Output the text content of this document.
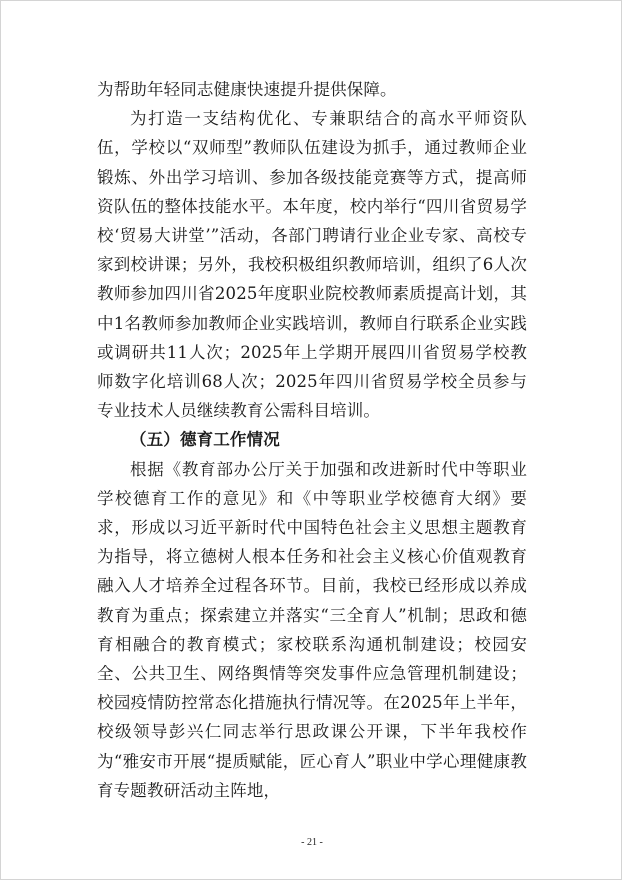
为帮助年轻同志健康快速提升提供保障。

为打造一支结构优化、专兼职结合的高水平师资队伍，学校以“双师型”教师队伍建设为抓手，通过教师企业锻炼、外出学习培训、参加各级技能竞赛等方式，提高师资队伍的整体技能水平。本年度，校内举行“四川省贸易学校‘贸易大讲堂’”活动，各部门聘请行业企业专家、高校专家到校讲课；另外，我校积极组织教师培训，组织了6人次教师参加四川省2025年度职业院校教师素质提高计划，其中1名教师参加教师企业实践培训，教师自行联系企业实践或调研共11人次；2025年上学期开展四川省贸易学校教师数字化培训68人次；2025年四川省贸易学校全员参与专业技术人员继续教育公需科目培训。

（五）德育工作情况

根据《教育部办公厅关于加强和改进新时代中等职业学校德育工作的意见》和《中等职业学校德育大纲》要求，形成以习近平新时代中国特色社会主义思想主题教育为指导，将立德树人根本任务和社会主义核心价值观教育融入人才培养全过程各环节。目前，我校已经形成以养成教育为重点；探索建立并落实“三全育人”机制；思政和德育相融合的教育模式；家校联系沟通机制建设；校园安全、公共卫生、网络舆情等突发事件应急管理机制建设；校园疫情防控常态化措施执行情况等。在2025年上半年，校级领导彭兴仁同志举行思政课公开课，下半年我校作为“雅安市开展“提质赋能，匠心育人”职业中学心理健康教育专题教研活动主阵地，

- 21 -
